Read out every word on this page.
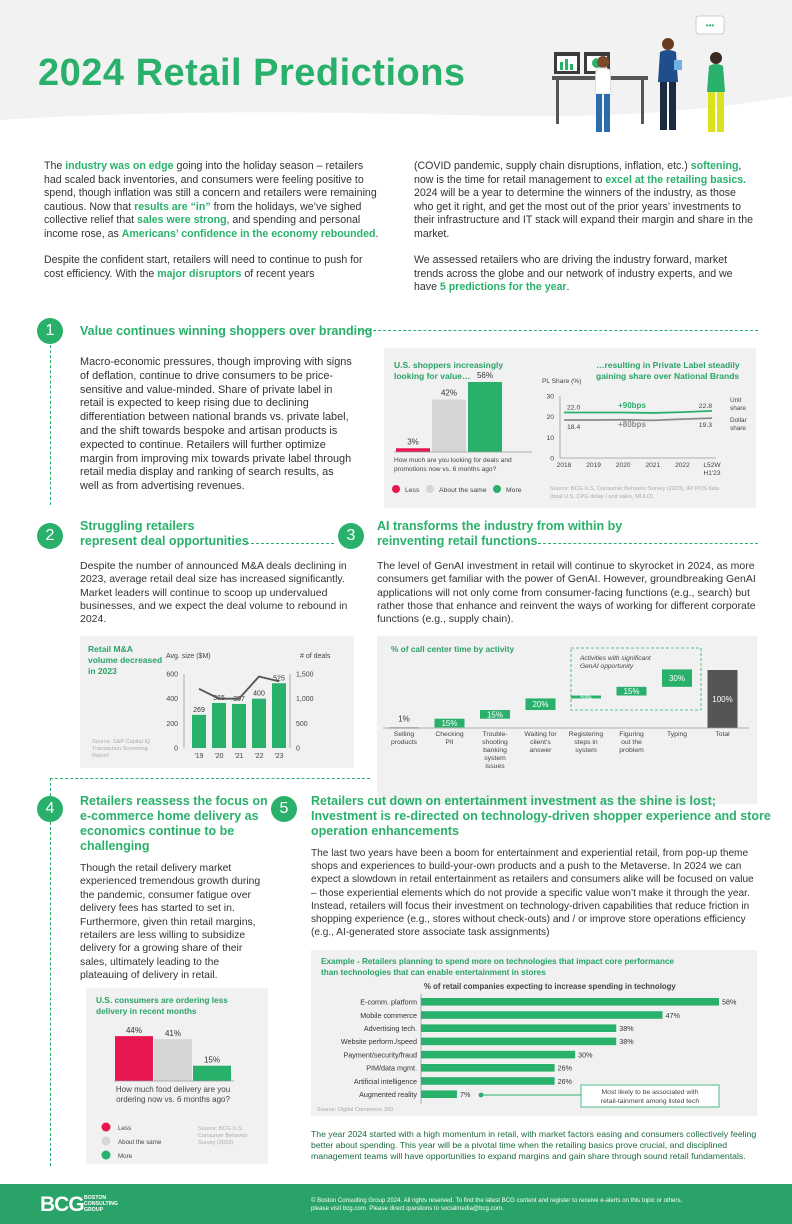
2024 Retail Predictions
•••

The industry was on edge going into the holiday season – retailers had scaled back inventories, and consumers were feeling positive to spend, though inflation was still a concern and retailers were remaining cautious. Now that results are “in” from the holidays, we’ve sighed collective relief that sales were strong, and spending and personal income rose, as Americans’ confidence in the economy rebounded.

Despite the confident start, retailers will need to continue to push for cost efficiency. With the major disruptors of recent years

(COVID pandemic, supply chain disruptions, inflation, etc.) softening, now is the time for retail management to excel at the retailing basics. 2024 will be a year to determine the winners of the industry, as those who get it right, and get the most out of the prior years’ investments to their infrastructure and IT stack will expand their margin and share in the market.

We assessed retailers who are driving the industry forward, market trends across the globe and our network of industry experts, and we have 5 predictions for the year.

1	Value continues winning shoppers over branding
Macro-economic pressures, though improving with signs of deflation, continue to drive consumers to be price-sensitive and value-minded. Share of private label in retail is expected to keep rising due to declining differentiation between national brands vs. private label, and the shift towards bespoke and artisan products is expected to continue. Retailers will further optimize margin from improving mix towards private label through retail media display and ranking of search results, as well as from advertising revenues.
U.S. shoppers increasingly
looking for value…
3%
42%
56%
How much are you looking for deals and
promotions now vs. 6 months ago?
Less	About the same	More
…resulting in Private Label steadily
gaining share over National Brands
PL Share (%)
0
10
20
30
2018 2019 2020 2021 2022 L52W
H1'23
22.0	22.8
18.4	19.3
+90bps
+80bps
Unit
share
Dollar
share
Source: BCG U.S. Consumer Behavior Survey (2023), IRI POS data
(total U.S. CPG dollar / unit sales, MULO)
2
Struggling retailers
represent deal opportunities
Despite the number of announced M&A deals declining in 2023, average retail deal size has increased significantly. Market leaders will continue to scoop up undervalued businesses, and we expect the deal volume to rebound in 2024.
Retail M&A
volume decreased
in 2023
Avg. size ($M)	# of deals
0
200
400
600
0
500
1,000
1,500
269
'19
365
'20
357
'21
400
'22
525
'23
Source: S&P Capital IQ
Transaction Screening
Report
3
AI transforms the industry from within by
reinventing retail functions
The level of GenAI investment in retail will continue to skyrocket in 2024, as more consumers get familiar with the power of GenAI. However, groundbreaking GenAI applications will not only come from consumer-facing functions (e.g., search) but rather those that enhance and reinvent the ways of working for different corporate functions (e.g., supply chain).
% of call center time by activity
Activities with significant
GenAI opportunity
1%
Selling
products
15%
Checking
PII
15%
Trouble-
shooting
banking
system
issues
20%
Waiting for
client’s
answer
5%
Registering
steps in
system
15%
Figuring
out the
problem
30%
Typing
100%
Total
4	Retailers reassess the focus on
e-commerce home delivery as
economics continue to be
challenging
Though the retail delivery market experienced tremendous growth during the pandemic, consumer fatigue over delivery fees has started to set in. Furthermore, given thin retail margins, retailers are less willing to subsidize delivery for a growing share of their sales, ultimately leading to the plateauing of delivery in retail.
U.S. consumers are ordering less
delivery in recent months
44%	41%
15%
How much food delivery are you
ordering now vs. 6 months ago?
Less
About the same
More
Source: BCG U.S.
Consumer Behavior
Survey (2023)
5	Retailers cut down on entertainment investment as the shine is lost;
Investment is re-directed on technology-driven shopper experience and store
operation enhancements
The last two years have been a boom for entertainment and experiential retail, from pop-up theme shops and experiences to build-your-own products and a push to the Metaverse. In 2024 we can expect a slowdown in retail entertainment as retailers and consumers alike will be focused on value – those experiential elements which do not provide a specific value won’t make it through the year. Instead, retailers will focus their investment on technology-driven capabilities that reduce friction in shopping experience (e.g., stores without check-outs) and / or improve store operations efficiency (e.g., AI-generated store associate task assignments)
Example - Retailers planning to spend more on technologies that impact core performance
than technologies that can enable entertainment in stores
% of retail companies expecting to increase spending in technology
E-comm. platform	58%
Mobile commerce	47%
Advertising tech.	38%
Website perform./speed	38%
Payment/security/fraud	30%
PIM/data mgmt.	26%
Artificial intelligence	26%
Augmented reality	7%	Most likely to be associated with
retail-tainment among listed tech
Source: Digital Commerce 360
The year 2024 started with a high momentum in retail, with market factors easing and consumers collectively feeling better about spending. This year will be a pivotal time when the retailing basics prove crucial, and disciplined management teams will have opportunities to expand margins and gain share through sound retail fundamentals.
BCG BOSTON
CONSULTING
GROUP
© Boston Consulting Group 2024. All rights reserved. To find the latest BCG content and register to receive e-alerts on this topic or others,
please visit bcg.com. Please direct questions to socialmedia@bcg.com.
